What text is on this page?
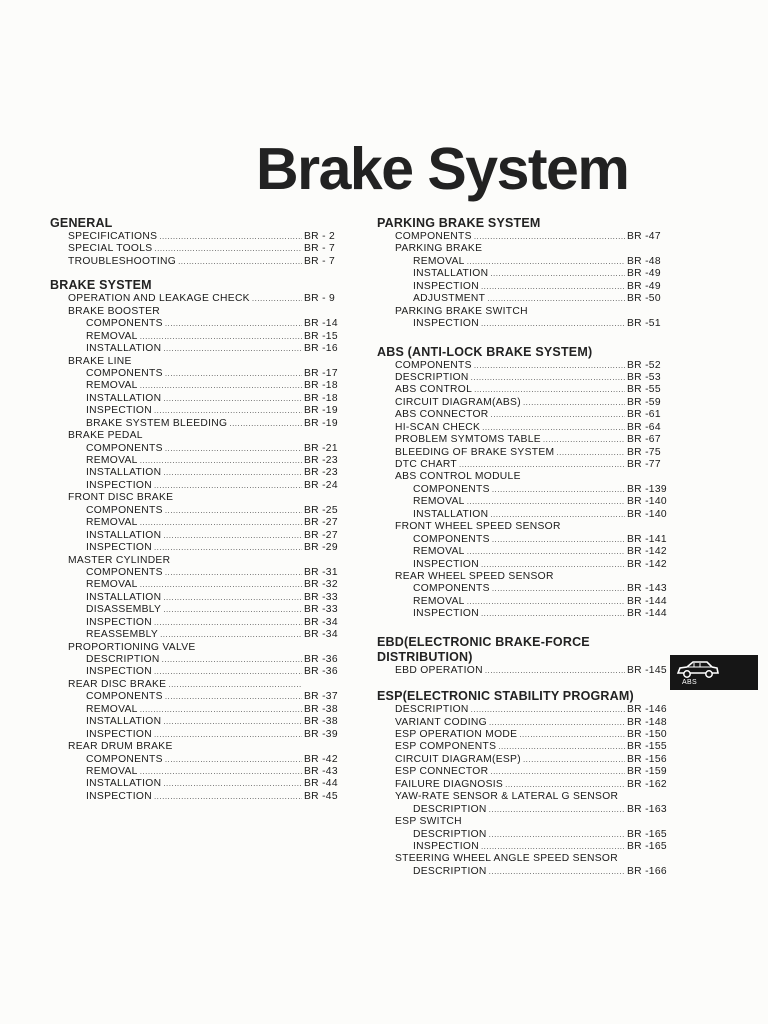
Brake System
GENERAL
SPECIFICATIONS .....	BR - 2
SPECIAL TOOLS .....	BR - 7
TROUBLESHOOTING .....	BR - 7
BRAKE SYSTEM
OPERATION AND LEAKAGE CHECK .....	BR - 9
BRAKE BOOSTER
COMPONENTS .....	BR -14
REMOVAL .....	BR -15
INSTALLATION .....	BR -16
BRAKE LINE
COMPONENTS .....	BR -17
REMOVAL .....	BR -18
INSTALLATION .....	BR -18
INSPECTION .....	BR -19
BRAKE SYSTEM BLEEDING .....	BR -19
BRAKE PEDAL
COMPONENTS .....	BR -21
REMOVAL .....	BR -23
INSTALLATION .....	BR -23
INSPECTION .....	BR -24
FRONT DISC BRAKE
COMPONENTS .....	BR -25
REMOVAL .....	BR -27
INSTALLATION .....	BR -27
INSPECTION .....	BR -29
MASTER CYLINDER
COMPONENTS .....	BR -31
REMOVAL .....	BR -32
INSTALLATION .....	BR -33
DISASSEMBLY .....	BR -33
INSPECTION .....	BR -34
REASSEMBLY .....	BR -34
PROPORTIONING VALVE
DESCRIPTION .....	BR -36
INSPECTION .....	BR -36
REAR DISC BRAKE
.....
COMPONENTS .....	BR -37
REMOVAL .....	BR -38
INSTALLATION .....	BR -38
INSPECTION .....	BR -39
REAR DRUM BRAKE
COMPONENTS .....	BR -42
REMOVAL .....	BR -43
INSTALLATION .....	BR -44
INSPECTION .....	BR -45
PARKING BRAKE SYSTEM
COMPONENTS .....	BR -47
PARKING BRAKE
REMOVAL .....	BR -48
INSTALLATION .....	BR -49
INSPECTION .....	BR -49
ADJUSTMENT .....	BR -50
PARKING BRAKE SWITCH
INSPECTION .....	BR -51
ABS (ANTI-LOCK BRAKE SYSTEM)
COMPONENTS .....	BR -52
DESCRIPTION .....	BR -53
ABS CONTROL .....	BR -55
CIRCUIT DIAGRAM(ABS) .....	BR -59
ABS CONNECTOR .....	BR -61
HI-SCAN CHECK .....	BR -64
PROBLEM SYMTOMS TABLE .....	BR -67
BLEEDING OF BRAKE SYSTEM .....	BR -75
DTC CHART .....	BR -77
ABS CONTROL MODULE
COMPONENTS .....	BR -139
REMOVAL .....	BR -140
INSTALLATION .....	BR -140
FRONT WHEEL SPEED SENSOR
COMPONENTS .....	BR -141
REMOVAL .....	BR -142
INSPECTION .....	BR -142
REAR WHEEL SPEED SENSOR
COMPONENTS .....	BR -143
REMOVAL .....	BR -144
INSPECTION .....	BR -144
EBD(ELECTRONIC BRAKE-FORCE
DISTRIBUTION)
EBD OPERATION .....	BR -145
ESP(ELECTRONIC STABILITY PROGRAM)
DESCRIPTION .....	BR -146
VARIANT CODING .....	BR -148
ESP OPERATION MODE .....	BR -150
ESP COMPONENTS .....	BR -155
CIRCUIT DIAGRAM(ESP) .....	BR -156
ESP CONNECTOR .....	BR -159
FAILURE DIAGNOSIS .....	BR -162
YAW-RATE SENSOR & LATERAL G SENSOR
DESCRIPTION .....	BR -163
ESP SWITCH
DESCRIPTION .....	BR -165
INSPECTION .....	BR -165
STEERING WHEEL ANGLE SPEED SENSOR
DESCRIPTION .....	BR -166
ABS
